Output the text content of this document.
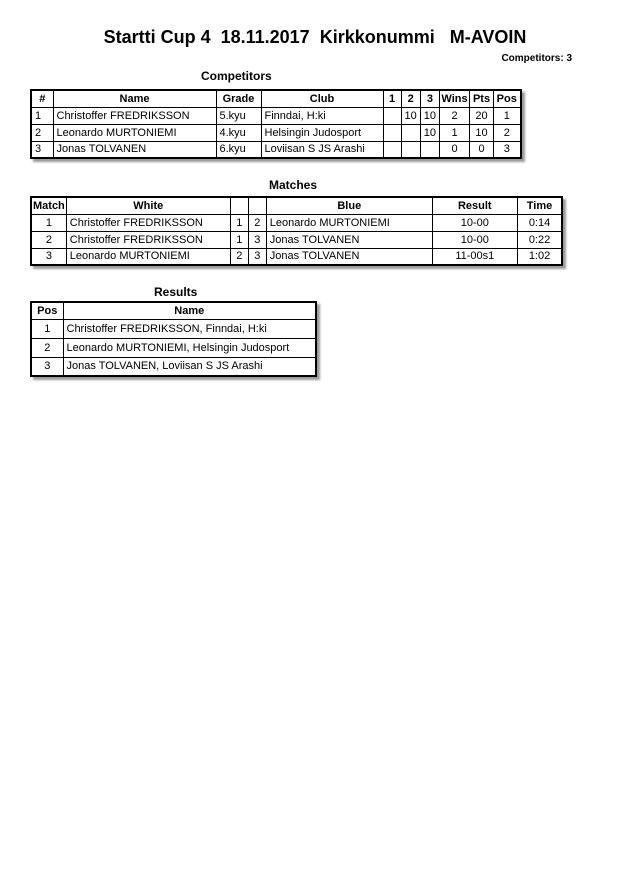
Startti Cup 4  18.11.2017  Kirkkonummi   M-AVOIN
Competitors: 3
Competitors
#	Name	Grade	Club	1	2	3	Wins	Pts	Pos
1	Christoffer FREDRIKSSON	5.kyu	Finndai, H:ki		10	10	2	20	1
2	Leonardo MURTONIEMI	4.kyu	Helsingin Judosport			10	1	10	2
3	Jonas TOLVANEN	6.kyu	Loviisan S JS Arashi				0	0	3
Matches
Match	White			Blue	Result	Time
1	Christoffer FREDRIKSSON	1	2	Leonardo MURTONIEMI	10-00	0:14
2	Christoffer FREDRIKSSON	1	3	Jonas TOLVANEN	10-00	0:22
3	Leonardo MURTONIEMI	2	3	Jonas TOLVANEN	11-00s1	1:02
Results
Pos	Name
1	Christoffer FREDRIKSSON, Finndai, H:ki
2	Leonardo MURTONIEMI, Helsingin Judosport
3	Jonas TOLVANEN, Loviisan S JS Arashi
